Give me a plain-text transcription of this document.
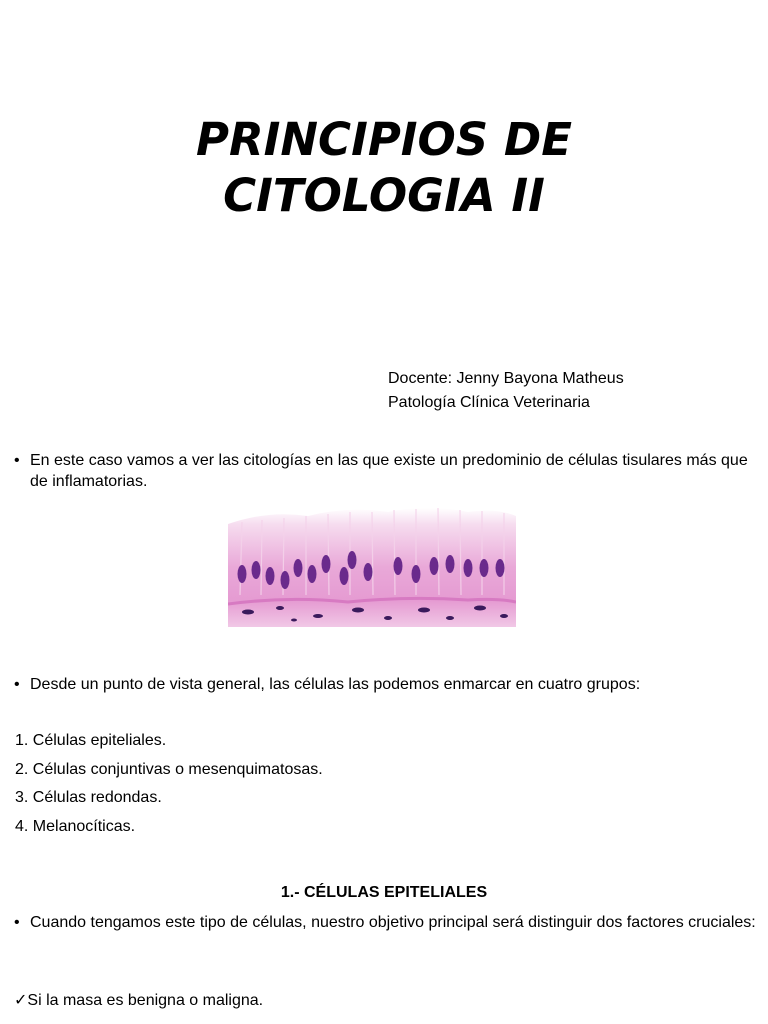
PRINCIPIOS DE
CITOLOGIA II
Docente: Jenny Bayona Matheus
Patología Clínica Veterinaria
• En este caso vamos a ver las citologías en las que existe un predominio de células tisulares más que de inflamatorias.
• Desde un punto de vista general, las células las podemos enmarcar en cuatro grupos:
1. Células epiteliales.
2. Células conjuntivas o mesenquimatosas.
3. Células redondas.
4. Melanocíticas.
1.- CÉLULAS EPITELIALES
• Cuando tengamos este tipo de células, nuestro objetivo principal será distinguir dos factores cruciales:
✓Si la masa es benigna o maligna.
